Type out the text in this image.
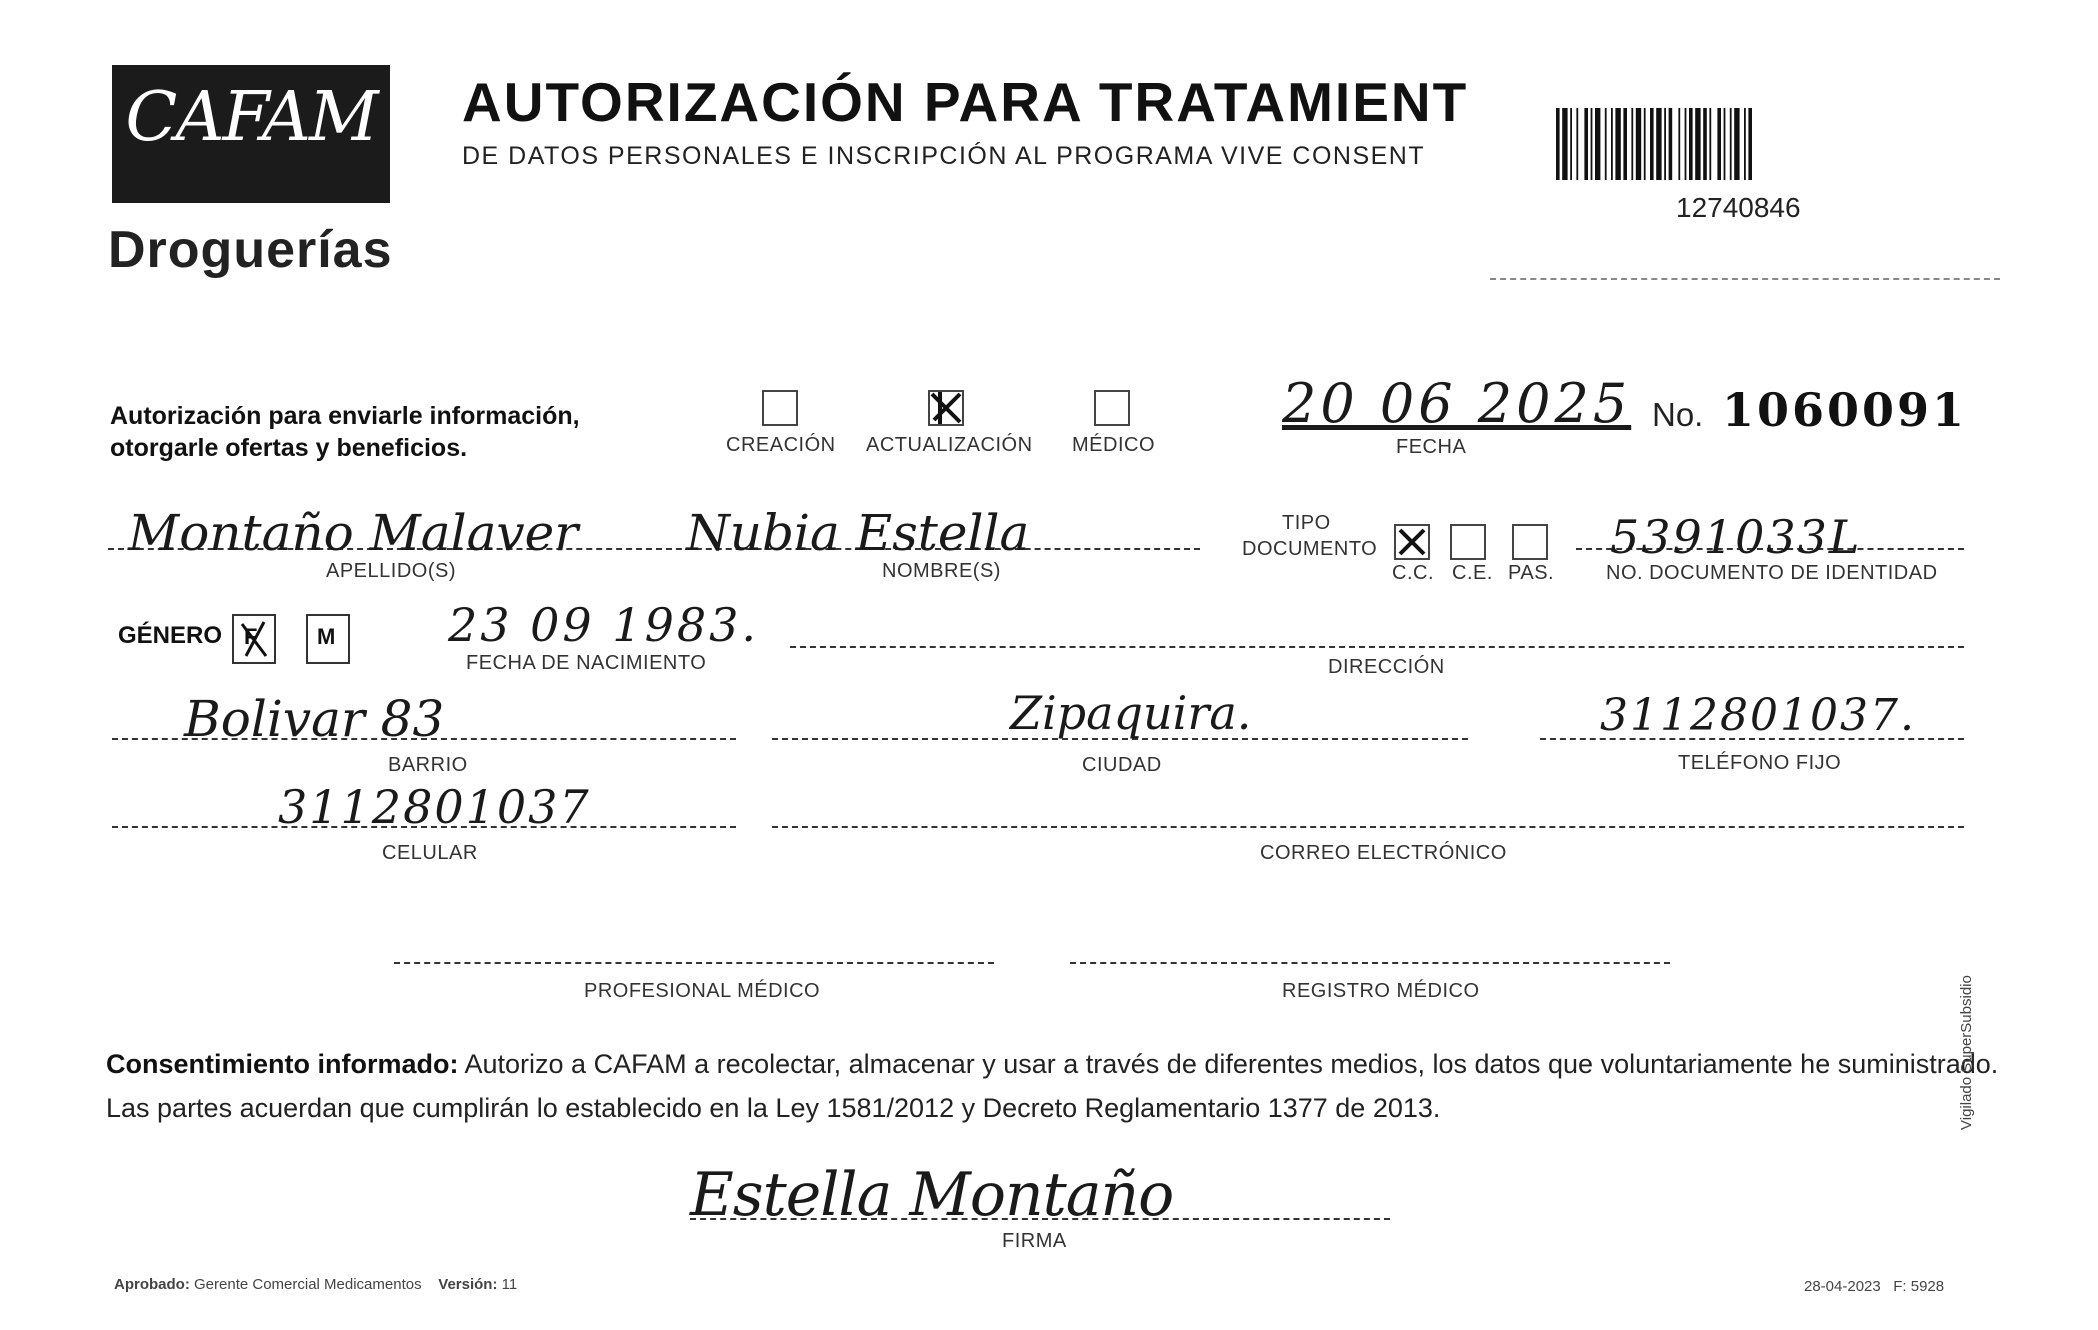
CAFAM
Droguerías
AUTORIZACIÓN PARA TRATAMIENT
DE DATOS PERSONALES E INSCRIPCIÓN AL PROGRAMA VIVE CONSENT
12740846
Autorización para enviarle información,
otorgarle ofertas y beneficios.	CREACIÓN ACTUALIZACIÓN MÉDICO
20 06 2025
FECHA
No. 1060091
Montaño Malaver
APELLIDO(S)
Nubia Estella
NOMBRE(S)
TIPO
DOCUMENTO
C.C. C.E. PAS.
5391033L
NO. DOCUMENTO DE IDENTIDAD
GÉNERO F	M 23 09 1983.
FECHA DE NACIMIENTO	DIRECCIÓN
Bolivar 83
BARRIO
Zipaquira.
CIUDAD
3112801037.
TELÉFONO FIJO
3112801037
CELULAR	CORREO ELECTRÓNICO
PROFESIONAL MÉDICO	REGISTRO MÉDICO
Consentimiento informado: Autorizo a CAFAM a recolectar, almacenar y usar a través de diferentes medios, los datos que voluntariamente he suministrado. Las partes acuerdan que cumplirán lo establecido en la Ley 1581/2012 y Decreto Reglamentario 1377 de 2013.
Estella Montaño
FIRMA
Aprobado: Gerente Comercial Medicamentos Versión: 11	28-04-2023 F: 5928
Vigilado SuperSubsidio
